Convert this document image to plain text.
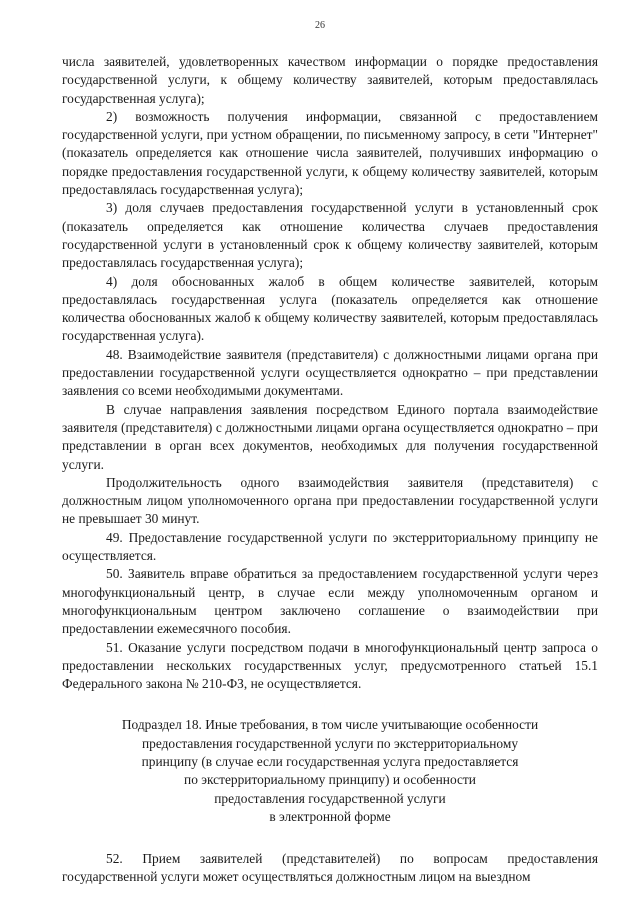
26

числа заявителей, удовлетворенных качеством информации о порядке предоставления государственной услуги, к общему количеству заявителей, которым предоставлялась государственная услуга);

2) возможность получения информации, связанной с предоставлением государственной услуги, при устном обращении, по письменному запросу, в сети "Интернет" (показатель определяется как отношение числа заявителей, получивших информацию о порядке предоставления государственной услуги, к общему количеству заявителей, которым предоставлялась государственная услуга);

3) доля случаев предоставления государственной услуги в установленный срок (показатель определяется как отношение количества случаев предоставления государственной услуги в установленный срок к общему количеству заявителей, которым предоставлялась государственная услуга);

4) доля обоснованных жалоб в общем количестве заявителей, которым предоставлялась государственная услуга (показатель определяется как отношение количества обоснованных жалоб к общему количеству заявителей, которым предоставлялась государственная услуга).

48. Взаимодействие заявителя (представителя) с должностными лицами органа при предоставлении государственной услуги осуществляется однократно – при представлении заявления со всеми необходимыми документами.

В случае направления заявления посредством Единого портала взаимодействие заявителя (представителя) с должностными лицами органа осуществляется однократно – при представлении в орган всех документов, необходимых для получения государственной услуги.

Продолжительность одного взаимодействия заявителя (представителя) с должностным лицом уполномоченного органа при предоставлении государственной услуги не превышает 30 минут.

49. Предоставление государственной услуги по экстерриториальному принципу не осуществляется.

50. Заявитель вправе обратиться за предоставлением государственной услуги через многофункциональный центр, в случае если между уполномоченным органом и многофункциональным центром заключено соглашение о взаимодействии при предоставлении ежемесячного пособия.

51. Оказание услуги посредством подачи в многофункциональный центр запроса о предоставлении нескольких государственных услуг, предусмотренного статьей 15.1 Федерального закона № 210-ФЗ, не осуществляется.

Подраздел 18. Иные требования, в том числе учитывающие особенности
предоставления государственной услуги по экстерриториальному
принципу (в случае если государственная услуга предоставляется
по экстерриториальному принципу) и особенности
предоставления государственной услуги
в электронной форме

52. Прием заявителей (представителей) по вопросам предоставления государственной услуги может осуществляться должностным лицом на выездном
